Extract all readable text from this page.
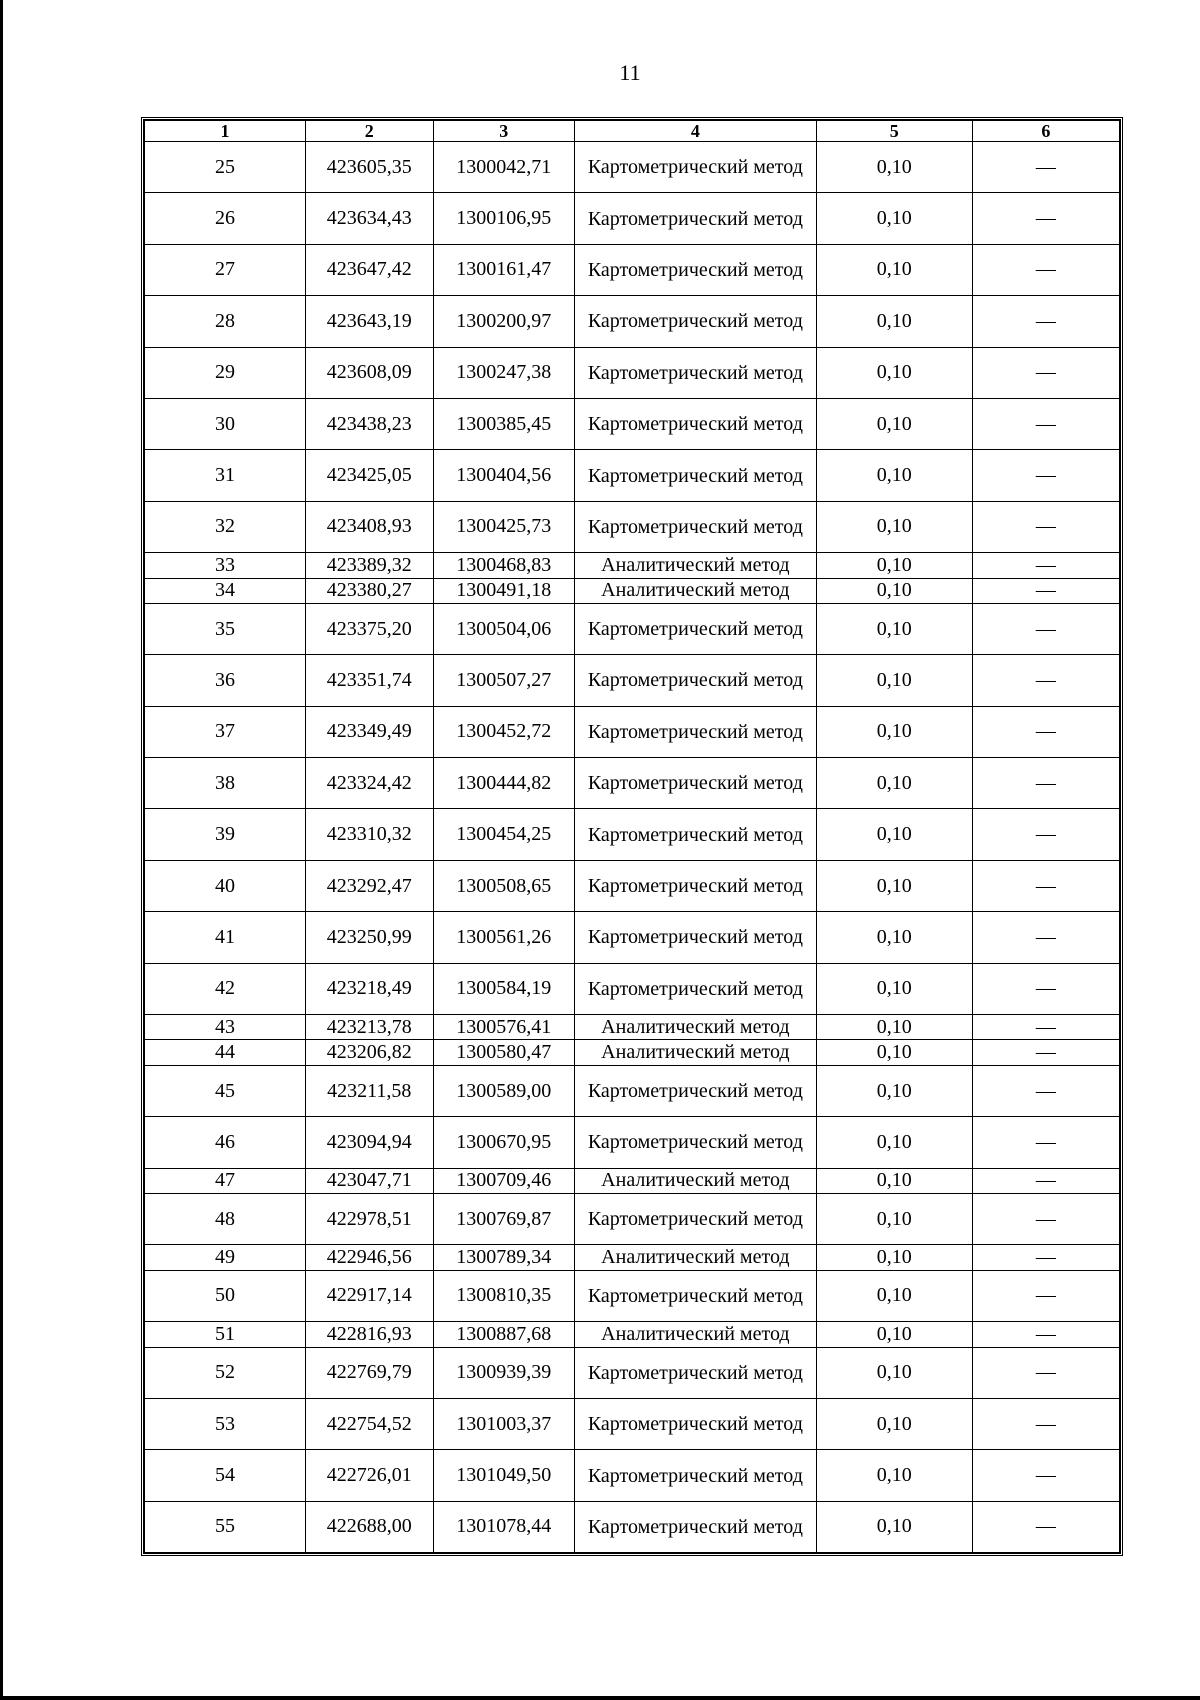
11
1	2	3	4	5	6
25	423605,35	1300042,71	Картометрический метод	0,10	—
26	423634,43	1300106,95	Картометрический метод	0,10	—
27	423647,42	1300161,47	Картометрический метод	0,10	—
28	423643,19	1300200,97	Картометрический метод	0,10	—
29	423608,09	1300247,38	Картометрический метод	0,10	—
30	423438,23	1300385,45	Картометрический метод	0,10	—
31	423425,05	1300404,56	Картометрический метод	0,10	—
32	423408,93	1300425,73	Картометрический метод	0,10	—
33	423389,32	1300468,83	Аналитический метод	0,10	—
34	423380,27	1300491,18	Аналитический метод	0,10	—
35	423375,20	1300504,06	Картометрический метод	0,10	—
36	423351,74	1300507,27	Картометрический метод	0,10	—
37	423349,49	1300452,72	Картометрический метод	0,10	—
38	423324,42	1300444,82	Картометрический метод	0,10	—
39	423310,32	1300454,25	Картометрический метод	0,10	—
40	423292,47	1300508,65	Картометрический метод	0,10	—
41	423250,99	1300561,26	Картометрический метод	0,10	—
42	423218,49	1300584,19	Картометрический метод	0,10	—
43	423213,78	1300576,41	Аналитический метод	0,10	—
44	423206,82	1300580,47	Аналитический метод	0,10	—
45	423211,58	1300589,00	Картометрический метод	0,10	—
46	423094,94	1300670,95	Картометрический метод	0,10	—
47	423047,71	1300709,46	Аналитический метод	0,10	—
48	422978,51	1300769,87	Картометрический метод	0,10	—
49	422946,56	1300789,34	Аналитический метод	0,10	—
50	422917,14	1300810,35	Картометрический метод	0,10	—
51	422816,93	1300887,68	Аналитический метод	0,10	—
52	422769,79	1300939,39	Картометрический метод	0,10	—
53	422754,52	1301003,37	Картометрический метод	0,10	—
54	422726,01	1301049,50	Картометрический метод	0,10	—
55	422688,00	1301078,44	Картометрический метод	0,10	—
